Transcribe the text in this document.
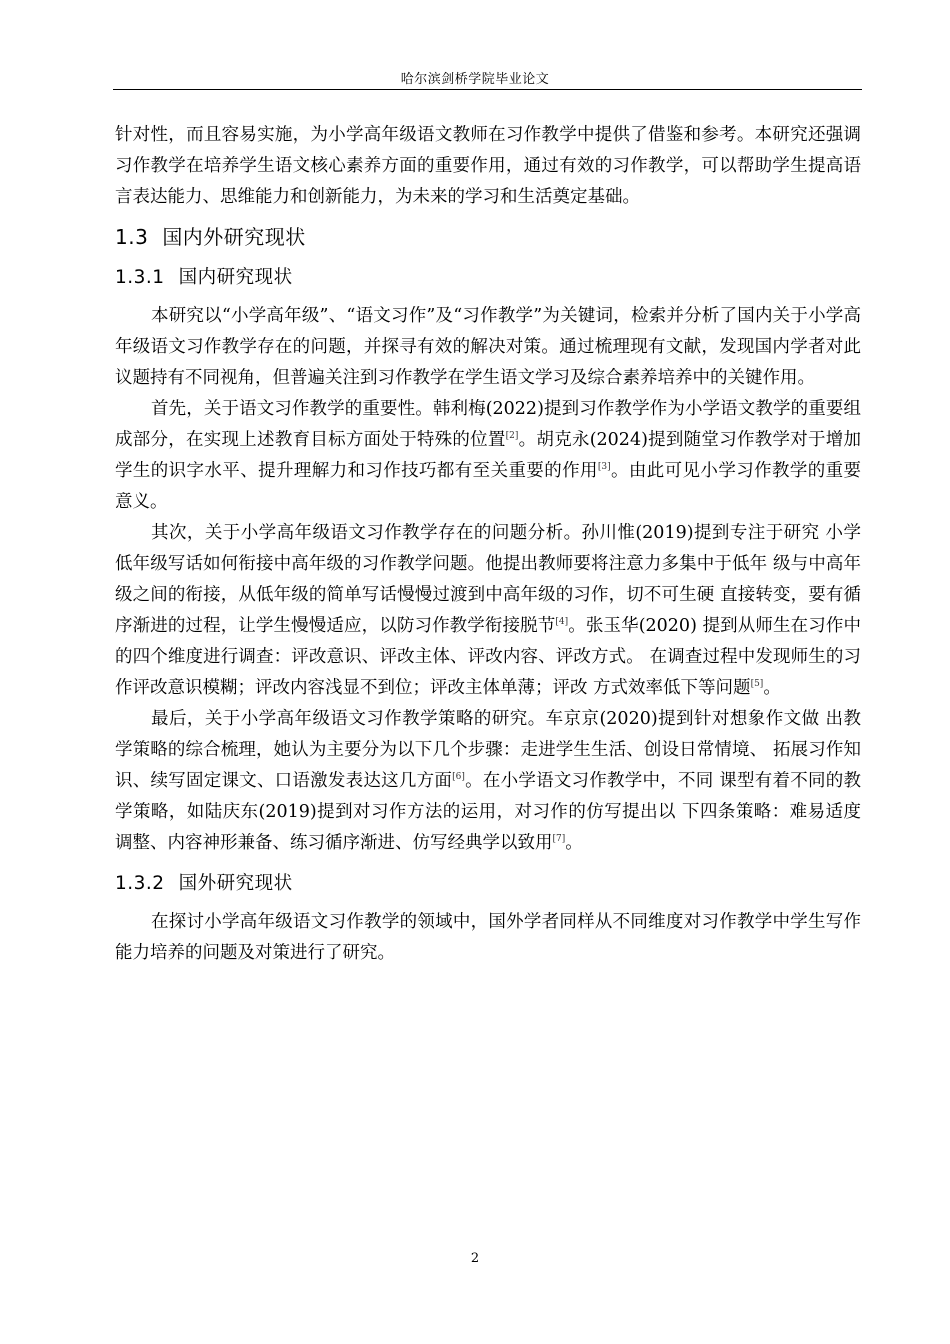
哈尔滨剑桥学院毕业论文

针对性，而且容易实施，为小学高年级语文教师在习作教学中提供了借鉴和参考。本研究还强调习作教学在培养学生语文核心素养方面的重要作用，通过有效的习作教学，可以帮助学生提高语言表达能力、思维能力和创新能力，为未来的学习和生活奠定基础。

1.3 国内外研究现状
1.3.1 国内研究现状

本研究以“小学高年级”、“语文习作”及“习作教学”为关键词，检索并分析了国内关于小学高年级语文习作教学存在的问题，并探寻有效的解决对策。通过梳理现有文献，发现国内学者对此议题持有不同视角，但普遍关注到习作教学在学生语文学习及综合素养培养中的关键作用。

首先，关于语文习作教学的重要性。韩利梅(2022)提到习作教学作为小学语文教学的重要组成部分，在实现上述教育目标方面处于特殊的位置[2]。胡克永(2024)提到随堂习作教学对于增加学生的识字水平、提升理解力和习作技巧都有至关重要的作用[3]。由此可见小学习作教学的重要意义。

其次，关于小学高年级语文习作教学存在的问题分析。孙川惟(2019)提到专注于研究 小学低年级写话如何衔接中高年级的习作教学问题。他提出教师要将注意力多集中于低年 级与中高年级之间的衔接，从低年级的简单写话慢慢过渡到中高年级的习作，切不可生硬 直接转变，要有循序渐进的过程，让学生慢慢适应，以防习作教学衔接脱节[4]。张玉华(2020) 提到从师生在习作中的四个维度进行调查：评改意识、评改主体、评改内容、评改方式。 在调查过程中发现师生的习作评改意识模糊；评改内容浅显不到位；评改主体单薄；评改 方式效率低下等问题[5]。

最后，关于小学高年级语文习作教学策略的研究。车京京(2020)提到针对想象作文做 出教学策略的综合梳理，她认为主要分为以下几个步骤：走进学生生活、创设日常情境、 拓展习作知识、续写固定课文、口语激发表达这几方面[6]。在小学语文习作教学中，不同 课型有着不同的教学策略，如陆庆东(2019)提到对习作方法的运用，对习作的仿写提出以 下四条策略：难易适度调整、内容神形兼备、练习循序渐进、仿写经典学以致用[7]。

1.3.2 国外研究现状

在探讨小学高年级语文习作教学的领域中，国外学者同样从不同维度对习作教学中学生写作能力培养的问题及对策进行了研究。

2
